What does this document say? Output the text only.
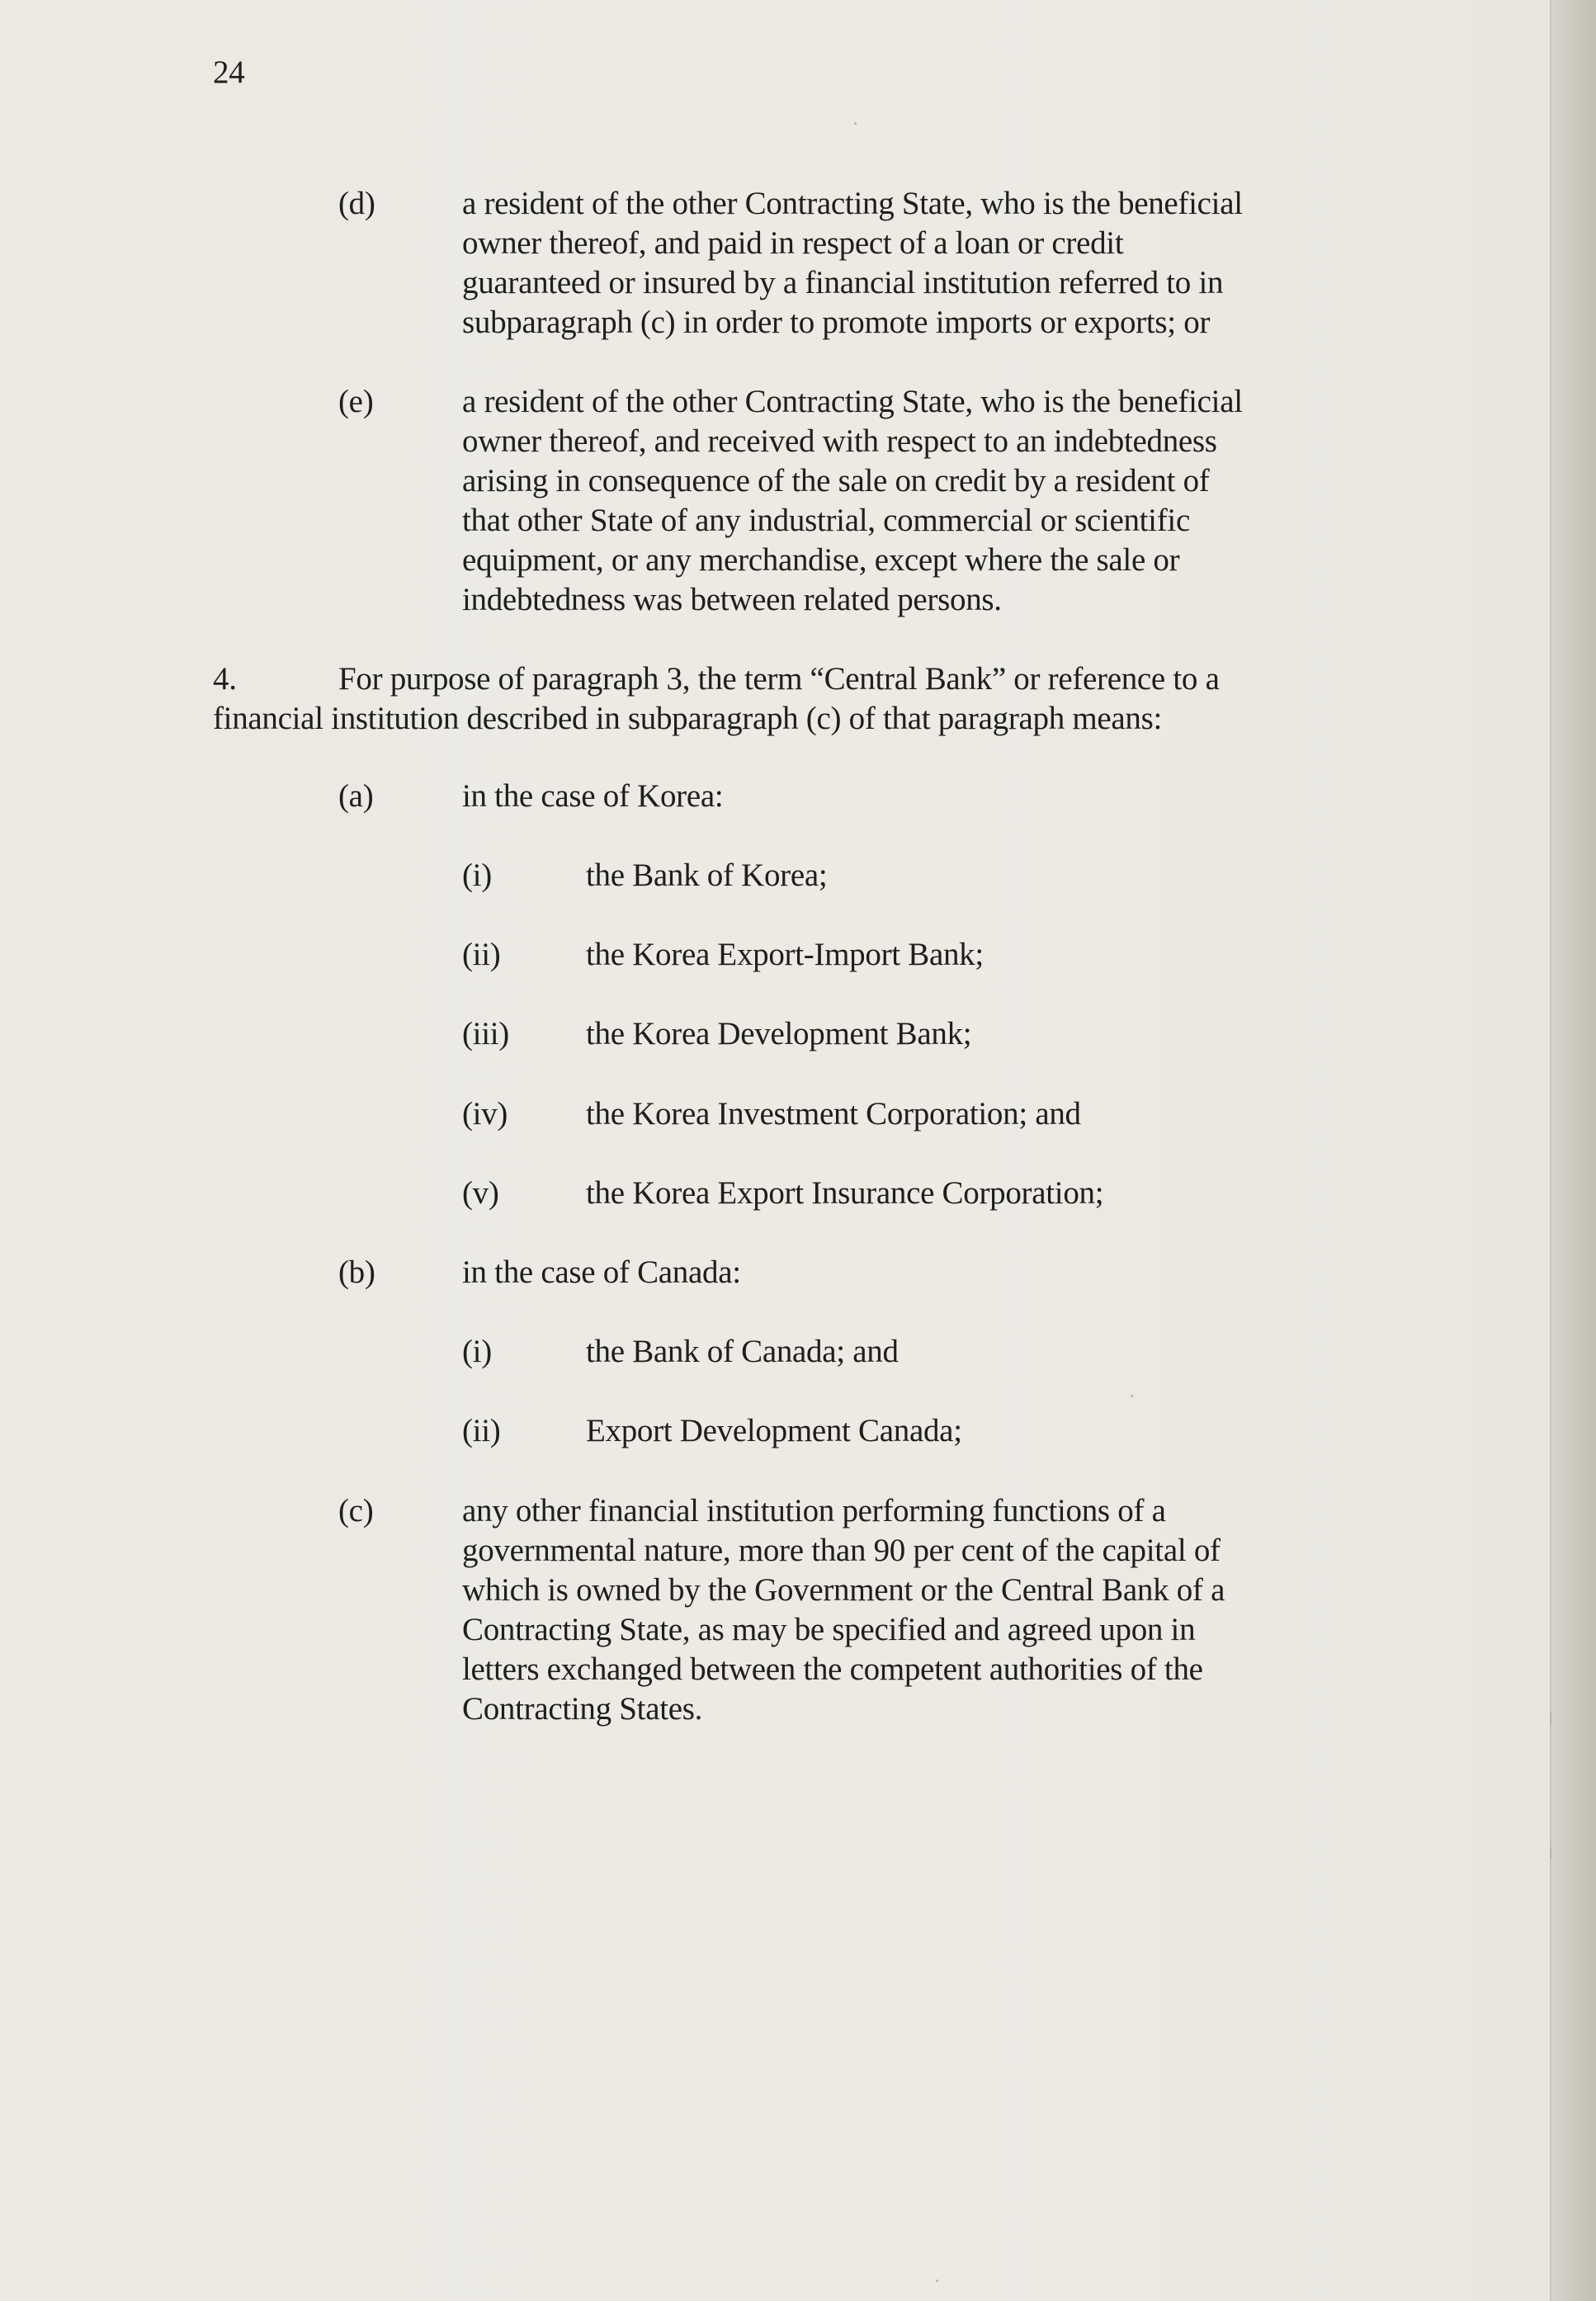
24
(d)	a resident of the other Contracting State, who is the beneficial
owner thereof, and paid in respect of a loan or credit
guaranteed or insured by a financial institution referred to in
subparagraph (c) in order to promote imports or exports; or
(e)	a resident of the other Contracting State, who is the beneficial
owner thereof, and received with respect to an indebtedness
arising in consequence of the sale on credit by a resident of
that other State of any industrial, commercial or scientific
equipment, or any merchandise, except where the sale or
indebtedness was between related persons.
4.	For purpose of paragraph 3, the term “Central Bank” or reference to a
financial institution described in subparagraph (c) of that paragraph means:
(a)	in the case of Korea:
(i)	the Bank of Korea;
(ii)	the Korea Export-Import Bank;
(iii) the Korea Development Bank;
(iv) the Korea Investment Corporation; and
(v)	the Korea Export Insurance Corporation;
(b)	in the case of Canada:
(i)	the Bank of Canada; and
(ii)	Export Development Canada;
(c)	any other financial institution performing functions of a
governmental nature, more than 90 per cent of the capital of
which is owned by the Government or the Central Bank of a
Contracting State, as may be specified and agreed upon in
letters exchanged between the competent authorities of the
Contracting States.
